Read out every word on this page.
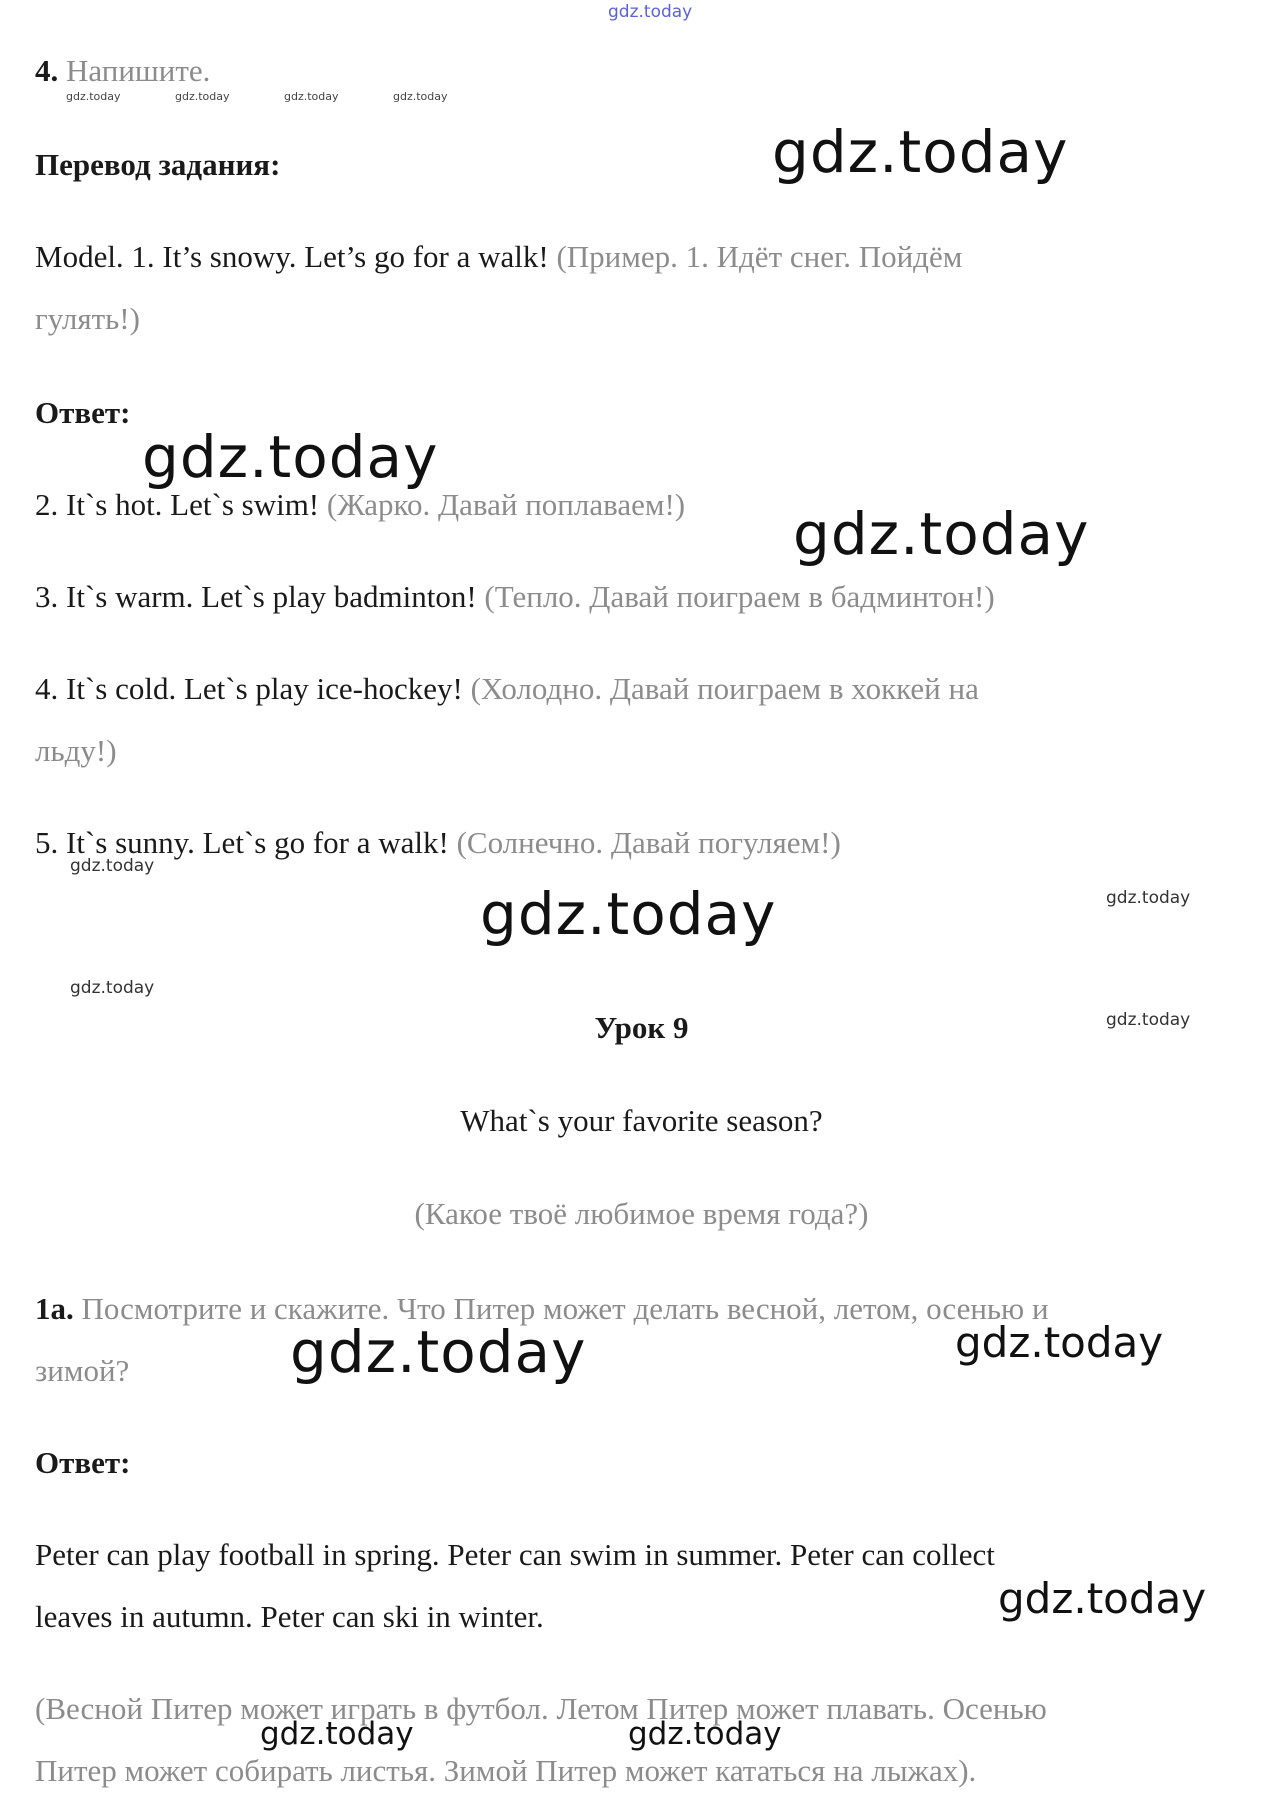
gdz.today
gdz.today	gdz.today	gdz.today	gdz.today
gdz.today
gdz.today
gdz.today
gdz.today
gdz.today	gdz.today
gdz.today
gdz.today
gdz.today
gdz.today
gdz.today
gdz.today	gdz.today
4. Напишите.
Перевод задания:
Model. 1. It’s snowy. Let’s go for a walk! (Пример. 1. Идёт снег. Пойдём
гулять!)
Ответ:
2. It`s hot. Let`s swim! (Жарко. Давай поплаваем!)
3. It`s warm. Let`s play badminton! (Тепло. Давай поиграем в бадминтон!)
4. It`s cold. Let`s play ice-hockey! (Холодно. Давай поиграем в хоккей на
льду!)
5. It`s sunny. Let`s go for a walk! (Солнечно. Давай погуляем!)
Урок 9
What`s your favorite season?
(Какое твоё любимое время года?)
1a. Посмотрите и скажите. Что Питер может делать весной, летом, осенью и
зимой?
Ответ:
Peter can play football in spring. Peter can swim in summer. Peter can collect
leaves in autumn. Peter can ski in winter.
(Весной Питер может играть в футбол. Летом Питер может плавать. Осенью
Питер может собирать листья. Зимой Питер может кататься на лыжах).
